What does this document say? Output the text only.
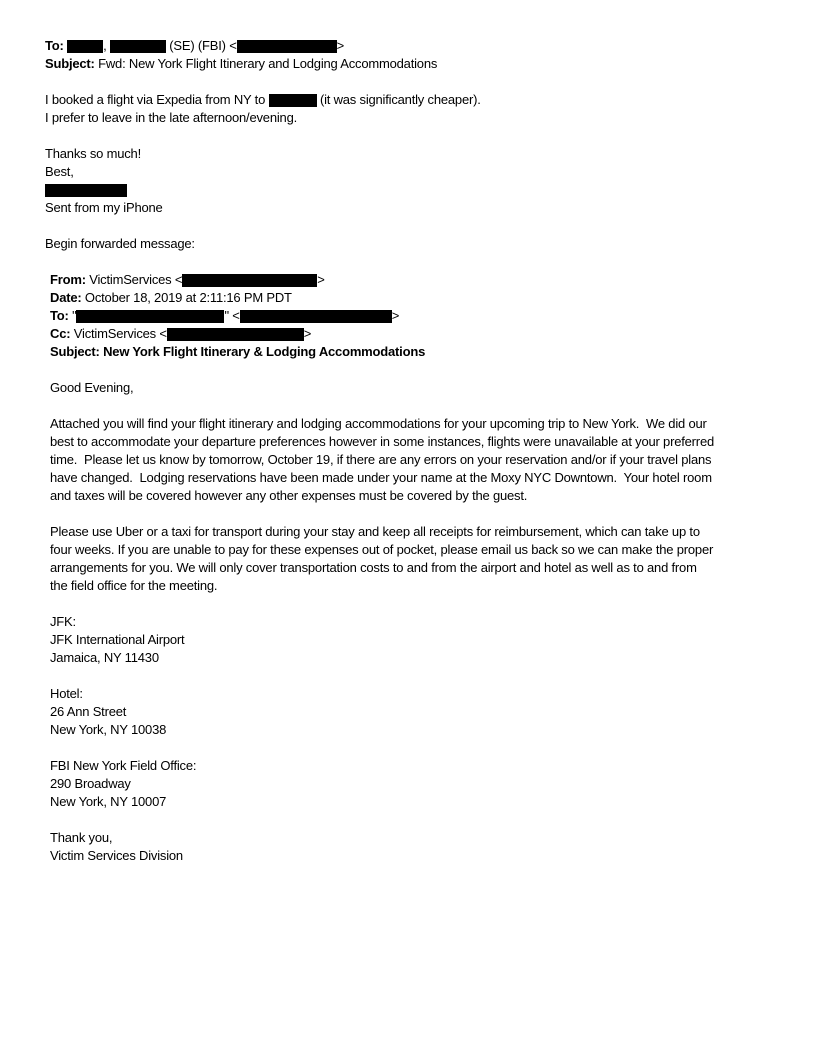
To:	,	(SE) (FBI) <	>
Subject: Fwd: New York Flight Itinerary and Lodging Accommodations
I booked a flight via Expedia from NY to	(it was significantly cheaper).
I prefer to leave in the late afternoon/evening.
Thanks so much!
Best,
Sent from my iPhone
Begin forwarded message:
From: VictimServices <	>
Date: October 18, 2019 at 2:11:16 PM PDT
To: "	" <	>
Cc: VictimServices <	>
Subject: New York Flight Itinerary & Lodging Accommodations
Good Evening,
Attached you will find your flight itinerary and lodging accommodations for your upcoming trip to New York.  We did our
best to accommodate your departure preferences however in some instances, flights were unavailable at your preferred
time.  Please let us know by tomorrow, October 19, if there are any errors on your reservation and/or if your travel plans
have changed.  Lodging reservations have been made under your name at the Moxy NYC Downtown.  Your hotel room
and taxes will be covered however any other expenses must be covered by the guest.
Please use Uber or a taxi for transport during your stay and keep all receipts for reimbursement, which can take up to
four weeks. If you are unable to pay for these expenses out of pocket, please email us back so we can make the proper
arrangements for you. We will only cover transportation costs to and from the airport and hotel as well as to and from
the field office for the meeting.
JFK:
JFK International Airport
Jamaica, NY 11430
Hotel:
26 Ann Street
New York, NY 10038
FBI New York Field Office:
290 Broadway
New York, NY 10007
Thank you,
Victim Services Division
